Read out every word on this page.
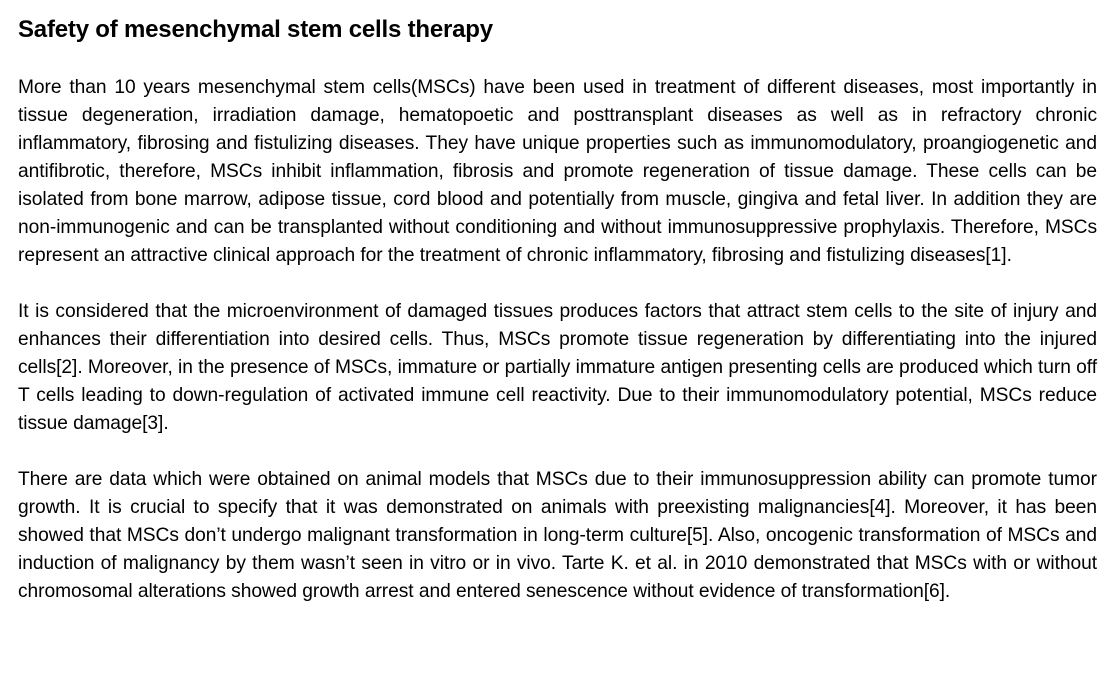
Safety of mesenchymal stem cells therapy

More than 10 years mesenchymal stem cells(MSCs) have been used in treatment of different diseases, most importantly in tissue degeneration, irradiation damage, hematopoetic and posttransplant diseases as well as in refractory chronic inflammatory, fibrosing and fistulizing diseases. They have unique properties such as immunomodulatory, proangiogenetic and antifibrotic, therefore, MSCs inhibit inflammation, fibrosis and promote regeneration of tissue damage. These cells can be isolated from bone marrow, adipose tissue, cord blood and potentially from muscle, gingiva and fetal liver. In addition they are non-immunogenic and can be transplanted without conditioning and without immunosuppressive prophylaxis. Therefore, MSCs represent an attractive clinical approach for the treatment of chronic inflammatory, fibrosing and fistulizing diseases[1].

It is considered that the microenvironment of damaged tissues produces factors that attract stem cells to the site of injury and enhances their differentiation into desired cells. Thus, MSCs promote tissue regeneration by differentiating into the injured cells[2]. Moreover, in the presence of MSCs, immature or partially immature antigen presenting cells are produced which turn off T cells leading to down-regulation of activated immune cell reactivity. Due to their immunomodulatory potential, MSCs reduce tissue damage[3].

There are data which were obtained on animal models that MSCs due to their immunosuppression ability can promote tumor growth. It is crucial to specify that it was demonstrated on animals with preexisting malignancies[4]. Moreover, it has been showed that MSCs don’t undergo malignant transformation in long-term culture[5]. Also, oncogenic transformation of MSCs and induction of malignancy by them wasn’t seen in vitro or in vivo. Tarte K. et al. in 2010 demonstrated that MSCs with or without chromosomal alterations showed growth arrest and entered senescence without evidence of transformation[6].
